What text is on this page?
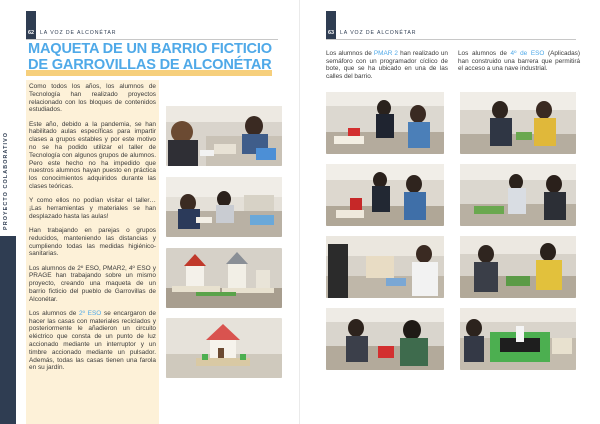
PROYECTO COLABORATIVO
62	LA VOZ DE ALCONÉTAR
MAQUETA DE UN BARRIO FICTICIO
DE GARROVILLAS DE ALCONÉTAR

Como todos los años, los alumnos de Tecnología han realizado proyectos relacionado con los bloques de contenidos estudiados.

Este año, debido a la pandemia, se han habilitado aulas específicas para impartir clases a grupos estables y por este motivo no se ha podido utilizar el taller de Tecnología con algunos grupos de alumnos. Pero este hecho no ha impedido que nuestros alumnos hayan puesto en práctica los conocimientos adquiridos durante las clases teóricas.

Y como ellos no podían visitar el taller… ¡Las herramientas y materiales se han desplazado hasta las aulas!

Han trabajando en parejas o grupos reducidos, manteniendo las distancias y cumpliendo todas las medidas higiénico-sanitarias.

Los alumnos de 2º ESO, PMAR2, 4º ESO y PRAGE han trabajando sobre un mismo proyecto, creando una maqueta de un barrio ficticio del pueblo de Garrovillas de Alconétar.

Los alumnos de 2º ESO se encargaron de hacer las casas con materiales reciclados y posteriormente le añadieron un circuito eléctrico que consta de un punto de luz accionado mediante un interruptor y un timbre accionado mediante un pulsador. Además, todas las casas tienen una farola en su jardín.

63	LA VOZ DE ALCONÉTAR

Los alumnos de PMAR 2 han realizado un semáforo con un programador cíclico de bote, que se ha ubicado en una de las calles del barrio.

Los alumnos de 4º de ESO (Aplicadas) han construido una barrera que permitirá el acceso a una nave industrial.
